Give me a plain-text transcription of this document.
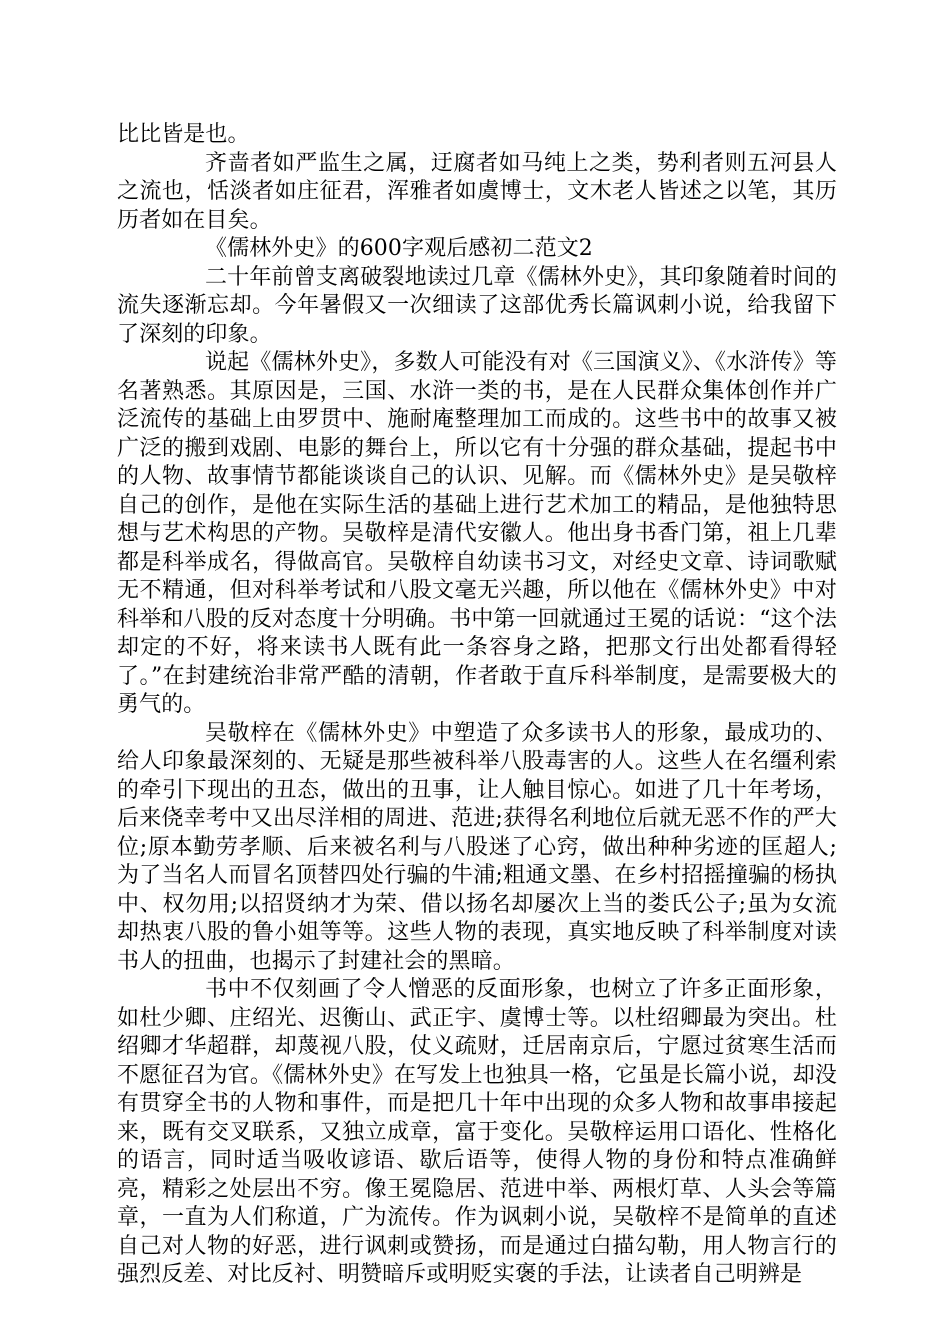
比比皆是也。

齐啬者如严监生之属，迂腐者如马纯上之类，势利者则五河县人之流也，恬淡者如庄征君，浑雅者如虞博士，文木老人皆述之以笔，其历历者如在目矣。

《儒林外史》的600字观后感初二范文2

二十年前曾支离破裂地读过几章《儒林外史》，其印象随着时间的流失逐渐忘却。今年暑假又一次细读了这部优秀长篇讽刺小说，给我留下了深刻的印象。

说起《儒林外史》，多数人可能没有对《三国演义》、《水浒传》等名著熟悉。其原因是，三国、水浒一类的书，是在人民群众集体创作并广泛流传的基础上由罗贯中、施耐庵整理加工而成的。这些书中的故事又被广泛的搬到戏剧、电影的舞台上，所以它有十分强的群众基础，提起书中的人物、故事情节都能谈谈自己的认识、见解。而《儒林外史》是吴敬梓自己的创作，是他在实际生活的基础上进行艺术加工的精品，是他独特思想与艺术构思的产物。吴敬梓是清代安徽人。他出身书香门第，祖上几辈都是科举成名，得做高官。吴敬梓自幼读书习文，对经史文章、诗词歌赋无不精通，但对科举考试和八股文毫无兴趣，所以他在《儒林外史》中对科举和八股的反对态度十分明确。书中第一回就通过王冕的话说：“这个法却定的不好，将来读书人既有此一条容身之路，把那文行出处都看得轻了。”在封建统治非常严酷的清朝，作者敢于直斥科举制度，是需要极大的勇气的。

吴敬梓在《儒林外史》中塑造了众多读书人的形象，最成功的、给人印象最深刻的、无疑是那些被科举八股毒害的人。这些人在名缰利索的牵引下现出的丑态，做出的丑事，让人触目惊心。如进了几十年考场，后来侥幸考中又出尽洋相的周进、范进;获得名利地位后就无恶不作的严大位;原本勤劳孝顺、后来被名利与八股迷了心窍，做出种种劣迹的匡超人;为了当名人而冒名顶替四处行骗的牛浦;粗通文墨、在乡村招摇撞骗的杨执中、权勿用;以招贤纳才为荣、借以扬名却屡次上当的娄氏公子;虽为女流却热衷八股的鲁小姐等等。这些人物的表现，真实地反映了科举制度对读书人的扭曲，也揭示了封建社会的黑暗。

书中不仅刻画了令人憎恶的反面形象，也树立了许多正面形象，如杜少卿、庄绍光、迟衡山、武正宇、虞博士等。以杜绍卿最为突出。杜绍卿才华超群，却蔑视八股，仗义疏财，迁居南京后，宁愿过贫寒生活而不愿征召为官。《儒林外史》在写发上也独具一格，它虽是长篇小说，却没有贯穿全书的人物和事件，而是把几十年中出现的众多人物和故事串接起来，既有交叉联系，又独立成章，富于变化。吴敬梓运用口语化、性格化的语言，同时适当吸收谚语、歇后语等，使得人物的身份和特点准确鲜亮，精彩之处层出不穷。像王冕隐居、范进中举、两根灯草、人头会等篇章，一直为人们称道，广为流传。作为讽刺小说，吴敬梓不是简单的直述自己对人物的好恶，进行讽刺或赞扬，而是通过白描勾勒，用人物言行的强烈反差、对比反衬、明赞暗斥或明贬实褒的手法，让读者自己明辨是
